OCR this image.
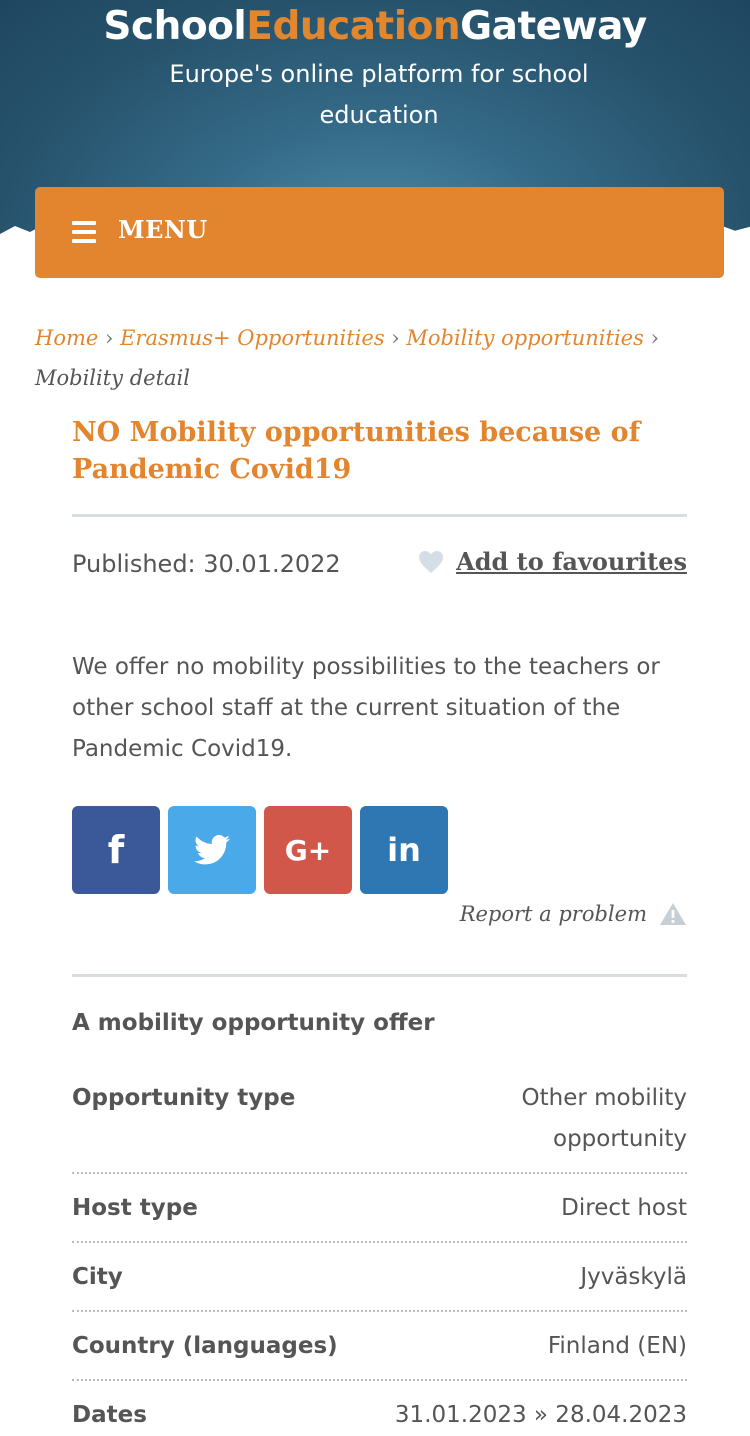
SchoolEducationGateway
Europe's online platform for school education
MENU
Home › Erasmus+ Opportunities › Mobility opportunities › Mobility detail
NO Mobility opportunities because of Pandemic Covid19
Published: 30.01.2022	Add to favourites

We offer no mobility possibilities to the teachers or other school staff at the current situation of the Pandemic Covid19.

f	G+ in
Report a problem
A mobility opportunity offer
Opportunity type	Other mobility opportunity
Host type	Direct host
City	Jyväskylä
Country (languages)	Finland (EN)
Dates	31.01.2023 » 28.04.2023
